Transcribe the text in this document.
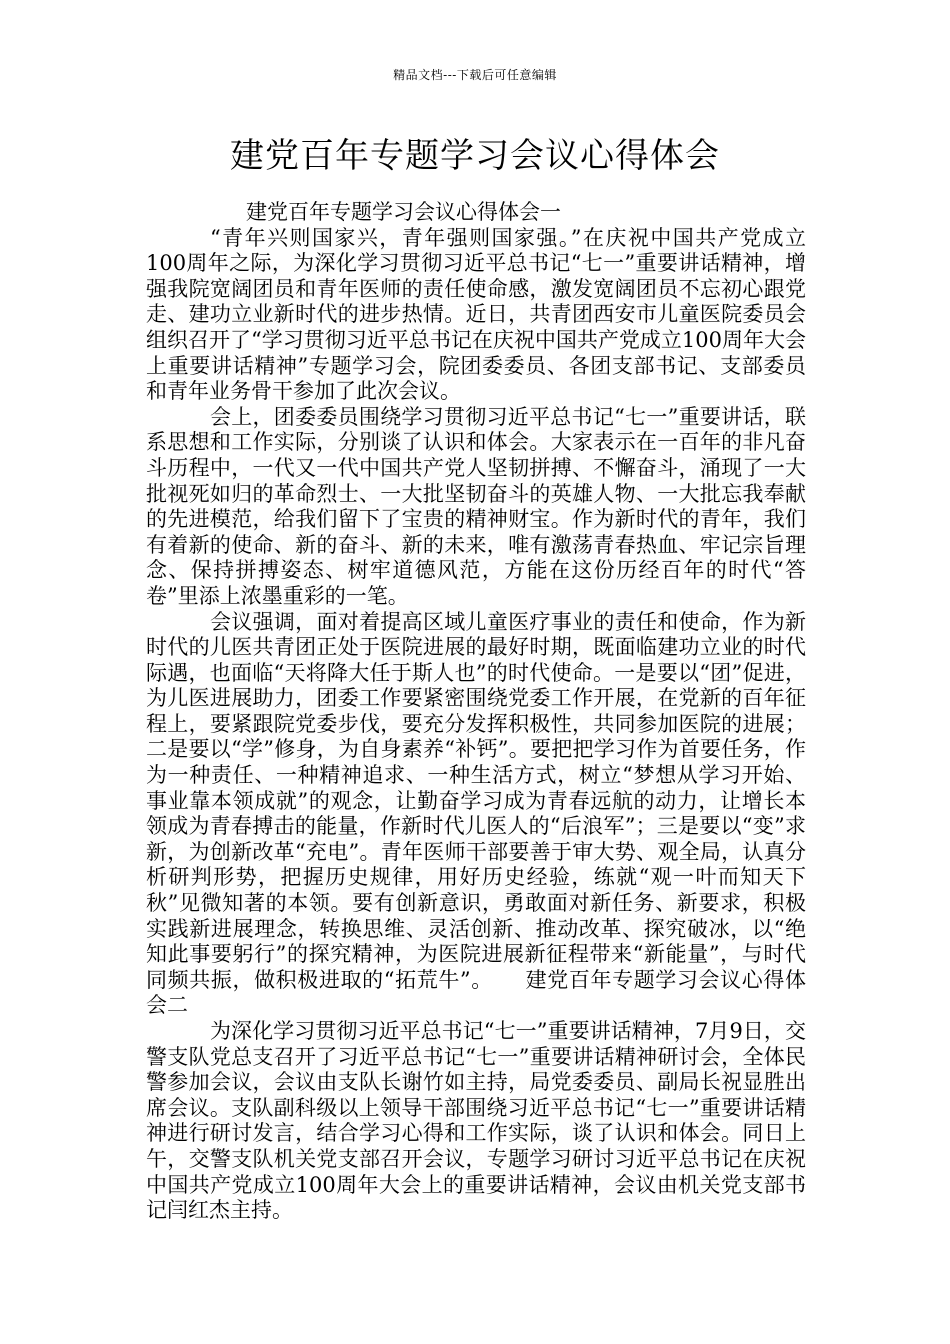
精品文档---下载后可任意编辑
建党百年专题学习会议心得体会

建党百年专题学习会议心得体会一

“青年兴则国家兴，青年强则国家强。”在庆祝中国共产党成立100周年之际，为深化学习贯彻习近平总书记“七一”重要讲话精神，增强我院宽阔团员和青年医师的责任使命感，激发宽阔团员不忘初心跟党走、建功立业新时代的进步热情。近日，共青团西安市儿童医院委员会组织召开了“学习贯彻习近平总书记在庆祝中国共产党成立100周年大会上重要讲话精神”专题学习会，院团委委员、各团支部书记、支部委员和青年业务骨干参加了此次会议。

会上，团委委员围绕学习贯彻习近平总书记“七一”重要讲话，联系思想和工作实际，分别谈了认识和体会。大家表示在一百年的非凡奋斗历程中，一代又一代中国共产党人坚韧拼搏、不懈奋斗，涌现了一大批视死如归的革命烈士、一大批坚韧奋斗的英雄人物、一大批忘我奉献的先进模范，给我们留下了宝贵的精神财宝。作为新时代的青年，我们有着新的使命、新的奋斗、新的未来，唯有激荡青春热血、牢记宗旨理念、保持拼搏姿态、树牢道德风范，方能在这份历经百年的时代“答卷”里添上浓墨重彩的一笔。

会议强调，面对着提高区域儿童医疗事业的责任和使命，作为新时代的儿医共青团正处于医院进展的最好时期，既面临建功立业的时代际遇，也面临“天将降大任于斯人也”的时代使命。一是要以“团”促进，为儿医进展助力，团委工作要紧密围绕党委工作开展，在党新的百年征程上，要紧跟院党委步伐，要充分发挥积极性，共同参加医院的进展；二是要以“学”修身，为自身素养“补钙”。要把把学习作为首要任务，作为一种责任、一种精神追求、一种生活方式，树立“梦想从学习开始、事业靠本领成就”的观念，让勤奋学习成为青春远航的动力，让增长本领成为青春搏击的能量，作新时代儿医人的“后浪军”；三是要以“变”求新，为创新改革“充电”。青年医师干部要善于审大势、观全局，认真分析研判形势，把握历史规律，用好历史经验，练就“观一叶而知天下秋”见微知著的本领。要有创新意识，勇敢面对新任务、新要求，积极实践新进展理念，转换思维、灵活创新、推动改革、探究破冰，以“绝知此事要躬行”的探究精神，为医院进展新征程带来“新能量”，与时代同频共振，做积极进取的“拓荒牛”。　　建党百年专题学习会议心得体会二

为深化学习贯彻习近平总书记“七一”重要讲话精神，7月9日，交警支队党总支召开了习近平总书记“七一”重要讲话精神研讨会，全体民警参加会议，会议由支队长谢竹如主持，局党委委员、副局长祝显胜出席会议。支队副科级以上领导干部围绕习近平总书记“七一”重要讲话精神进行研讨发言，结合学习心得和工作实际，谈了认识和体会。同日上午，交警支队机关党支部召开会议，专题学习研讨习近平总书记在庆祝中国共产党成立100周年大会上的重要讲话精神，会议由机关党支部书记闫红杰主持。
